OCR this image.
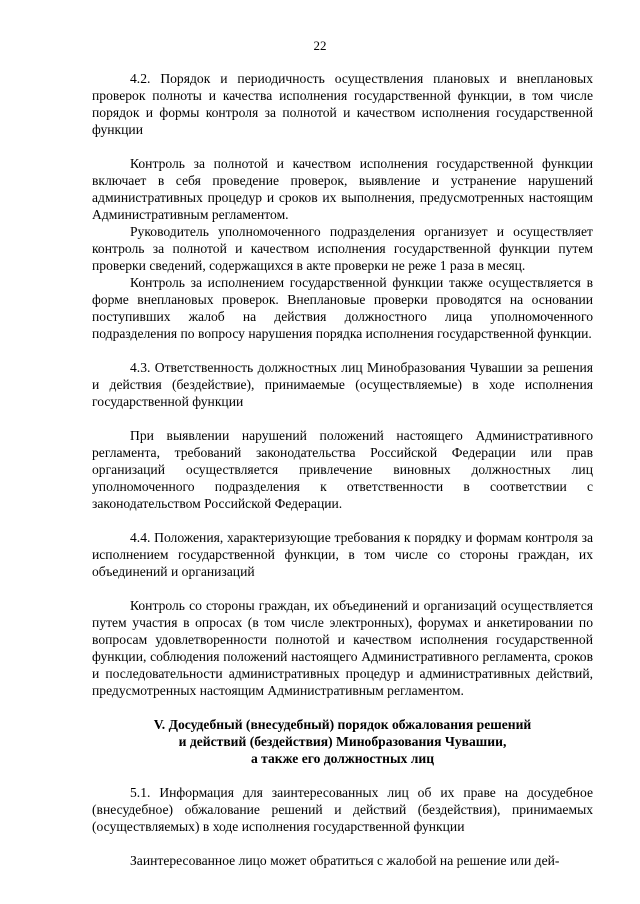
22

4.2. Порядок и периодичность осуществления плановых и внеплановых проверок полноты и качества исполнения государственной функции, в том числе порядок и формы контроля за полнотой и качеством исполнения государственной функции

Контроль за полнотой и качеством исполнения государственной функции включает в себя проведение проверок, выявление и устранение нарушений административных процедур и сроков их выполнения, предусмотренных настоящим Административным регламентом.

Руководитель уполномоченного подразделения организует и осуществляет контроль за полнотой и качеством исполнения государственной функции путем проверки сведений, содержащихся в акте проверки не реже 1 раза в месяц.

Контроль за исполнением государственной функции также осуществляется в форме внеплановых проверок. Внеплановые проверки проводятся на основании поступивших жалоб на действия должностного лица уполномоченного подразделения по вопросу нарушения порядка исполнения государственной функции.

4.3. Ответственность должностных лиц Минобразования Чувашии за решения и действия (бездействие), принимаемые (осуществляемые) в ходе исполнения государственной функции

При выявлении нарушений положений настоящего Административного регламента, требований законодательства Российской Федерации или прав организаций осуществляется привлечение виновных должностных лиц уполномоченного подразделения к ответственности в соответствии с законодательством Российской Федерации.

4.4. Положения, характеризующие требования к порядку и формам контроля за исполнением государственной функции, в том числе со стороны граждан, их объединений и организаций

Контроль со стороны граждан, их объединений и организаций осуществляется путем участия в опросах (в том числе электронных), форумах и анкетировании по вопросам удовлетворенности полнотой и качеством исполнения государственной функции, соблюдения положений настоящего Административного регламента, сроков и последовательности административных процедур и административных действий, предусмотренных настоящим Административным регламентом.

V. Досудебный (внесудебный) порядок обжалования решений

и действий (бездействия) Минобразования Чувашии,

а также его должностных лиц

5.1. Информация для заинтересованных лиц об их праве на досудебное (внесудебное) обжалование решений и действий (бездействия), принимаемых (осуществляемых) в ходе исполнения государственной функции

Заинтересованное лицо может обратиться с жалобой на решение или дей-
